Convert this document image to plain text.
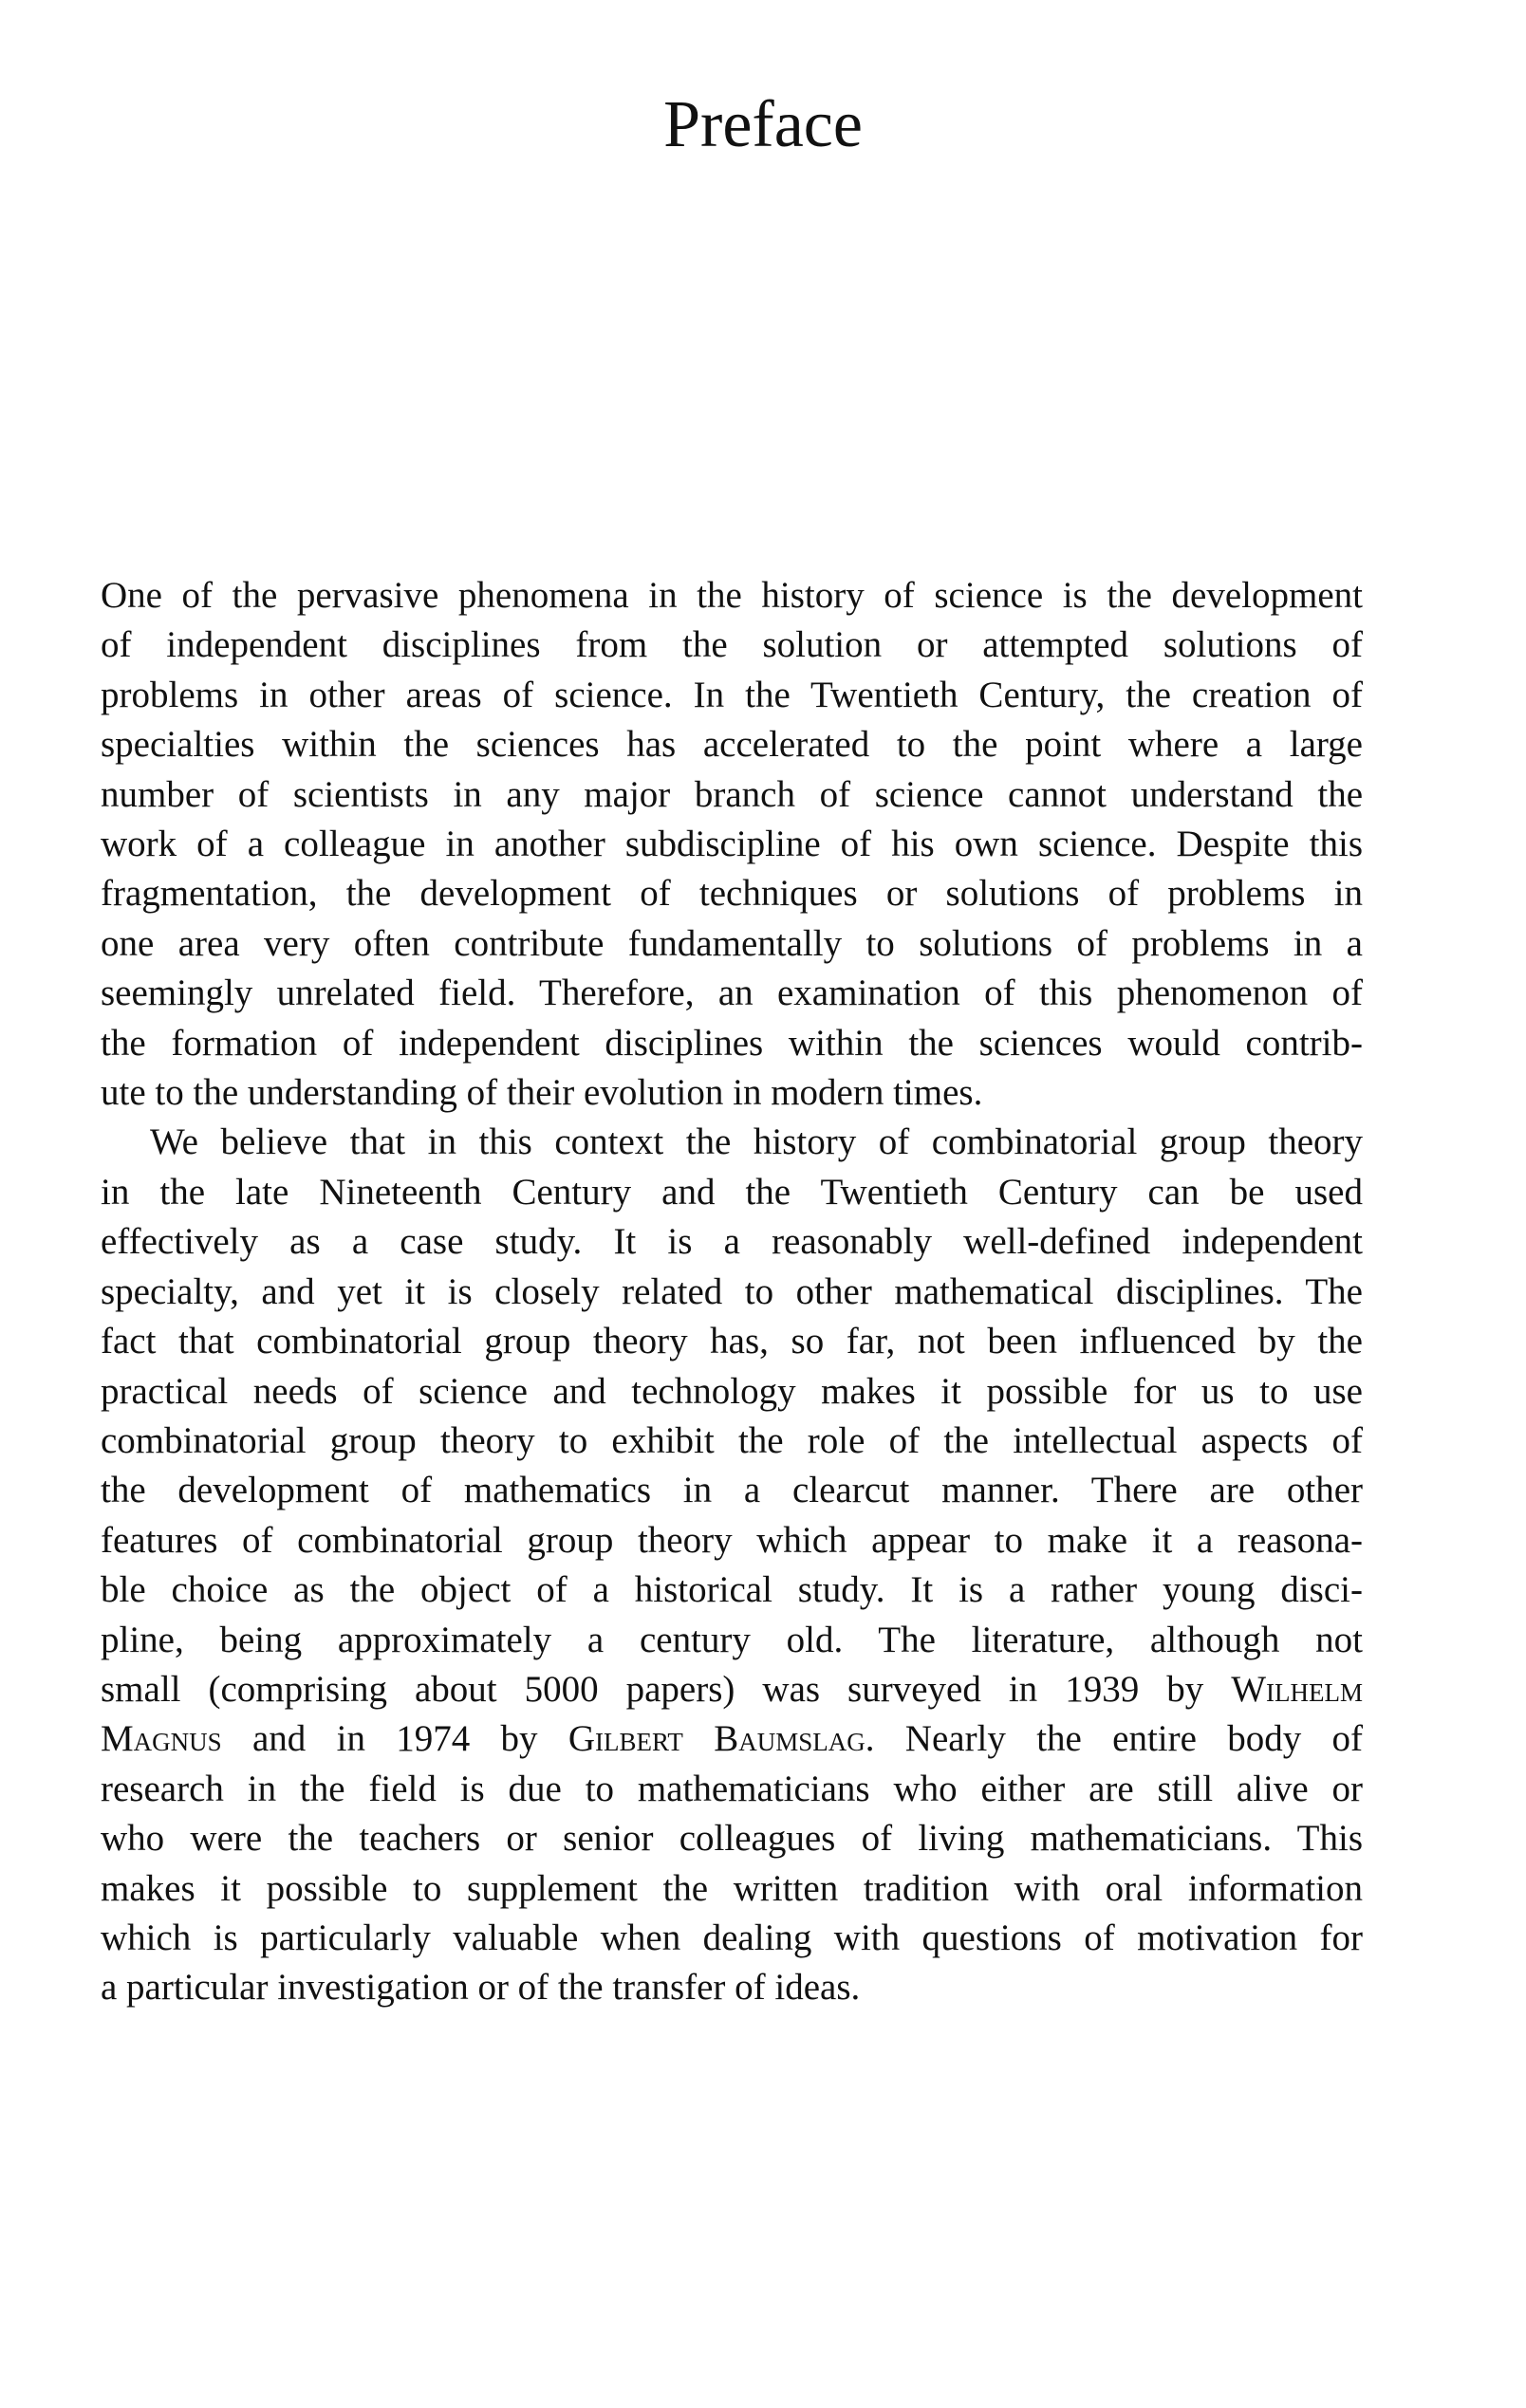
Preface
One of the pervasive phenomena in the history of science is the development
of independent disciplines from the solution or attempted solutions of
problems in other areas of science. In the Twentieth Century, the creation of
specialties within the sciences has accelerated to the point where a large
number of scientists in any major branch of science cannot understand the
work of a colleague in another subdiscipline of his own science. Despite this
fragmentation, the development of techniques or solutions of problems in
one area very often contribute fundamentally to solutions of problems in a
seemingly unrelated field. Therefore, an examination of this phenomenon of
the formation of independent disciplines within the sciences would contrib-
ute to the understanding of their evolution in modern times.
We believe that in this context the history of combinatorial group theory
in the late Nineteenth Century and the Twentieth Century can be used
effectively as a case study. It is a reasonably well-defined independent
specialty, and yet it is closely related to other mathematical disciplines. The
fact that combinatorial group theory has, so far, not been influenced by the
practical needs of science and technology makes it possible for us to use
combinatorial group theory to exhibit the role of the intellectual aspects of
the development of mathematics in a clearcut manner. There are other
features of combinatorial group theory which appear to make it a reasona-
ble choice as the object of a historical study. It is a rather young disci-
pline, being approximately a century old. The literature, although not
small (comprising about 5000 papers) was surveyed in 1939 by Wilhelm
Magnus and in 1974 by Gilbert Baumslag. Nearly the entire body of
research in the field is due to mathematicians who either are still alive or
who were the teachers or senior colleagues of living mathematicians. This
makes it possible to supplement the written tradition with oral information
which is particularly valuable when dealing with questions of motivation for
a particular investigation or of the transfer of ideas.
